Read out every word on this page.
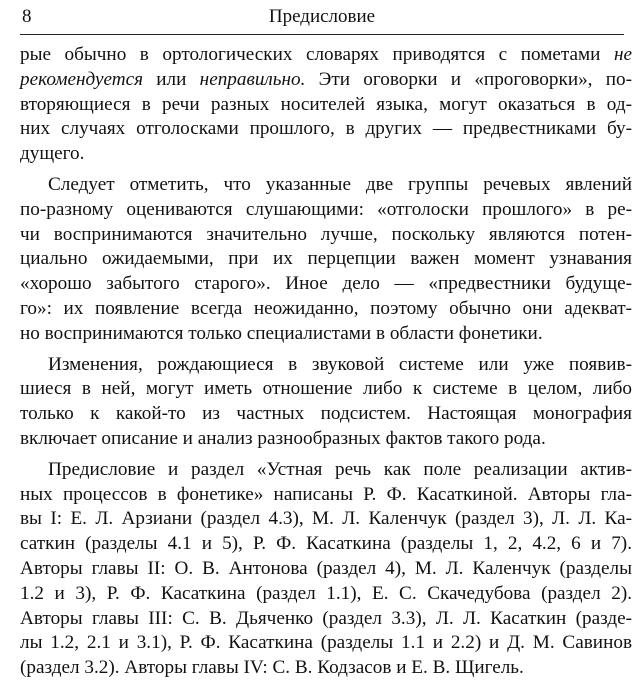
8	Предисловие
рые обычно в ортологических словарях приводятся с пометами не
рекомендуется или неправильно. Эти оговорки и «проговорки», по-
вторяющиеся в речи разных носителей языка, могут оказаться в од-
них случаях отголосками прошлого, в других — предвестниками бу-
дущего.
Следует отметить, что указанные две группы речевых явлений
по-разному оцениваются слушающими: «отголоски прошлого» в ре-
чи воспринимаются значительно лучше, поскольку являются потен-
циально ожидаемыми, при их перцепции важен момент узнавания
«хорошо забытого старого». Иное дело — «предвестники будуще-
го»: их появление всегда неожиданно, поэтому обычно они адекват-
но воспринимаются только специалистами в области фонетики.
Изменения, рождающиеся в звуковой системе или уже появив-
шиеся в ней, могут иметь отношение либо к системе в целом, либо
только к какой-то из частных подсистем. Настоящая монография
включает описание и анализ разнообразных фактов такого рода.
Предисловие и раздел «Устная речь как поле реализации актив-
ных процессов в фонетике» написаны Р. Ф. Касаткиной. Авторы гла-
вы I: Е. Л. Арзиани (раздел 4.3), М. Л. Каленчук (раздел 3), Л. Л. Ка-
саткин (разделы 4.1 и 5), Р. Ф. Касаткина (разделы 1, 2, 4.2, 6 и 7).
Авторы главы II: О. В. Антонова (раздел 4), М. Л. Каленчук (разделы
1.2 и 3), Р. Ф. Касаткина (раздел 1.1), Е. С. Скачедубова (раздел 2).
Авторы главы III: С. В. Дьяченко (раздел 3.3), Л. Л. Касаткин (разде-
лы 1.2, 2.1 и 3.1), Р. Ф. Касаткина (разделы 1.1 и 2.2) и Д. М. Савинов
(раздел 3.2). Авторы главы IV: С. В. Кодзасов и Е. В. Щигель.
